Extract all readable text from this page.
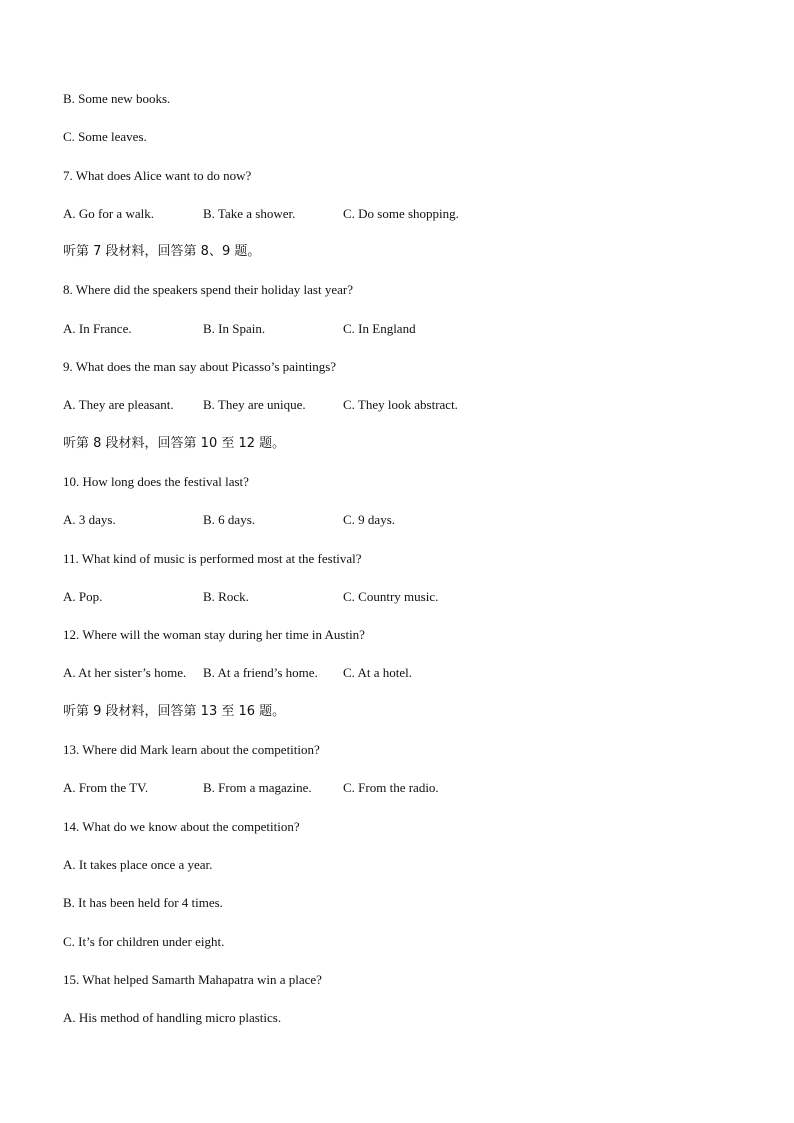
B. Some new books.
C. Some leaves.
7. What does Alice want to do now?
A. Go for a walk.	B. Take a shower.	C. Do some shopping.
听第 7 段材料，回答第 8、9 题。
8. Where did the speakers spend their holiday last year?
A. In France.	B. In Spain.	C. In England
9. What does the man say about Picasso’s paintings?
A. They are pleasant.	B. They are unique.	C. They look abstract.
听第 8 段材料，回答第 10 至 12 题。
10. How long does the festival last?
A. 3 days.	B. 6 days.	C. 9 days.
11. What kind of music is performed most at the festival?
A. Pop.	B. Rock.	C. Country music.
12. Where will the woman stay during her time in Austin?
A. At her sister’s home.	B. At a friend’s home.	C. At a hotel.
听第 9 段材料，回答第 13 至 16 题。
13. Where did Mark learn about the competition?
A. From the TV.	B. From a magazine.	C. From the radio.
14. What do we know about the competition?
A. It takes place once a year.
B. It has been held for 4 times.
C. It’s for children under eight.
15. What helped Samarth Mahapatra win a place?
A. His method of handling micro plastics.
